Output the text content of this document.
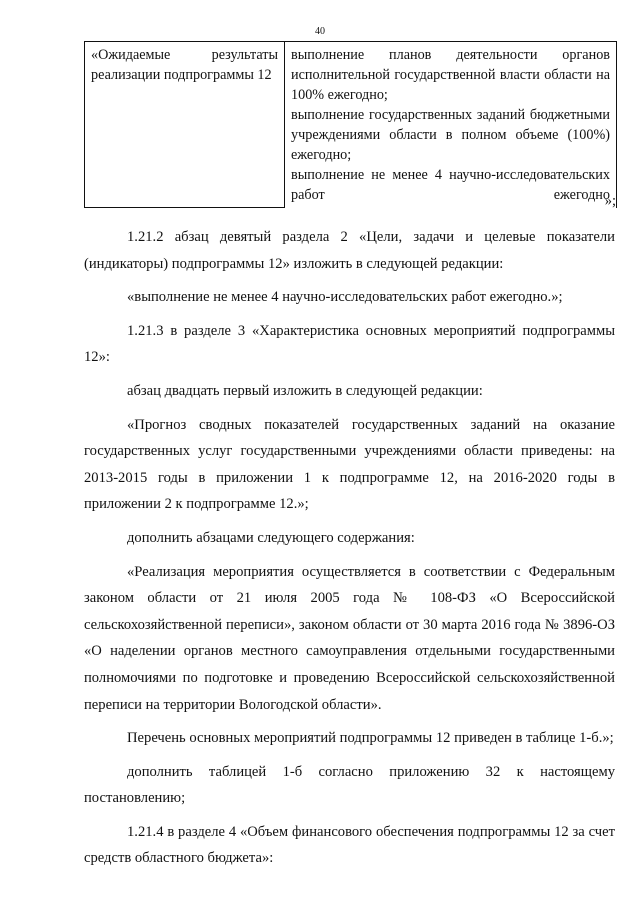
40
«Ожидаемые результаты реализации подпрограммы 12
выполнение планов деятельности органов исполнительной государственной власти области на 100% ежегодно;
выполнение государственных заданий бюджетными учреждениями области в полном объеме (100%) ежегодно;
выполнение не менее 4 научно-исследовательских работ ежегодно
»;

1.21.2 абзац девятый раздела 2 «Цели, задачи и целевые показатели (индикаторы) подпрограммы 12» изложить в следующей редакции:

«выполнение не менее 4 научно-исследовательских работ ежегодно.»;

1.21.3 в разделе 3 «Характеристика основных мероприятий подпрограммы 12»:

абзац двадцать первый изложить в следующей редакции:

«Прогноз сводных показателей государственных заданий на оказание государственных услуг государственными учреждениями области приведены: на 2013-2015 годы в приложении 1 к подпрограмме 12, на 2016-2020 годы в приложении 2 к подпрограмме 12.»;

дополнить абзацами следующего содержания:

«Реализация мероприятия осуществляется в соответствии с Федеральным законом области от 21 июля 2005 года № 108-ФЗ «О Всероссийской сельскохозяйственной переписи», законом области от 30 марта 2016 года № 3896-ОЗ «О наделении органов местного самоуправления отдельными государственными полномочиями по подготовке и проведению Всероссийской сельскохозяйственной переписи на территории Вологодской области».

Перечень основных мероприятий подпрограммы 12 приведен в таблице 1-б.»;

дополнить таблицей 1-б согласно приложению 32 к настоящему постановлению;

1.21.4 в разделе 4 «Объем финансового обеспечения подпрограммы 12 за счет средств областного бюджета»:
